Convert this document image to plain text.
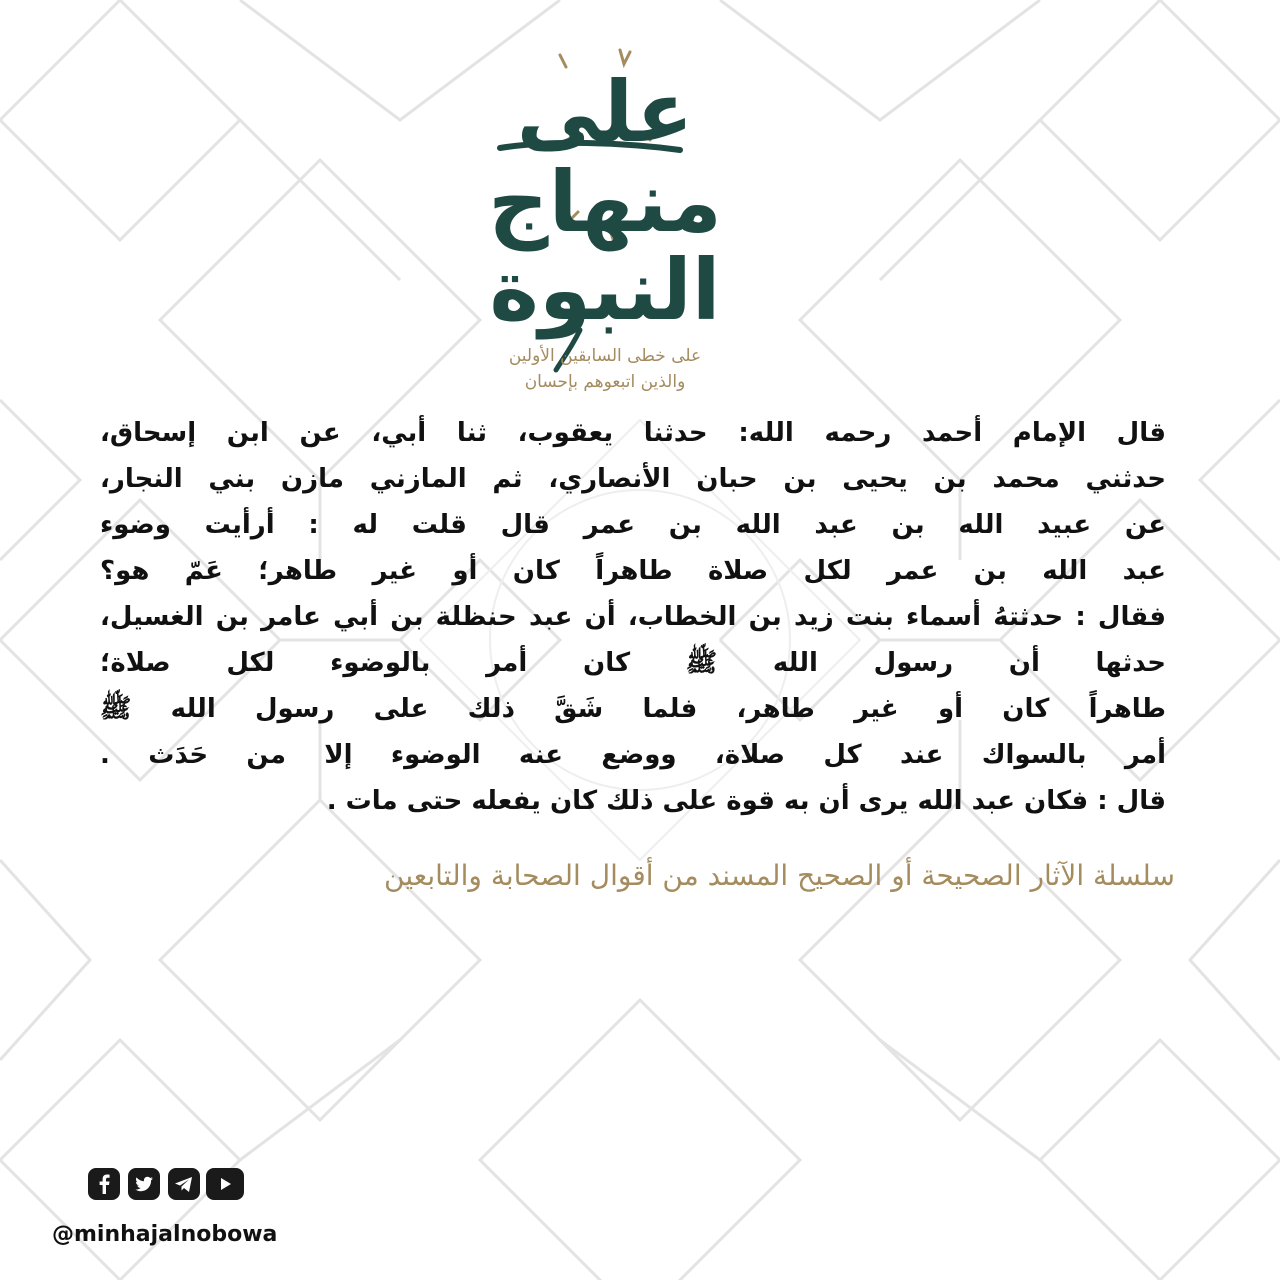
على
منهاج
النبوة
على خطى السابقين الأولين
والذين اتبعوهم بإحسان
قال الإمام أحمد رحمه الله: حدثنا يعقوب، ثنا أبي، عن ابن إسحاق،
حدثني محمد بن يحيى بن حبان الأنصاري، ثم المازني مازن بني النجار،
عن عبيد الله بن عبد الله بن عمر قال قلت له : أرأيت وضوء
عبد الله بن عمر لكل صلاة طاهراً كان أو غير طاهر؛ عَمّ هو؟
فقال : حدثتهُ أسماء بنت زيد بن الخطاب، أن عبد حنظلة بن أبي عامر بن الغسيل،
حدثها أن رسول الله ﷺ كان أمر بالوضوء لكل صلاة؛
طاهراً كان أو غير طاهر، فلما شَقَّ ذلك على رسول الله ﷺ
أمر بالسواك عند كل صلاة، ووضع عنه الوضوء إلا من حَدَث .
قال : فكان عبد الله يرى أن به قوة على ذلك كان يفعله حتى مات .
سلسلة الآثار الصحيحة أو الصحيح المسند من أقوال الصحابة والتابعين
@minhajalnobowa
